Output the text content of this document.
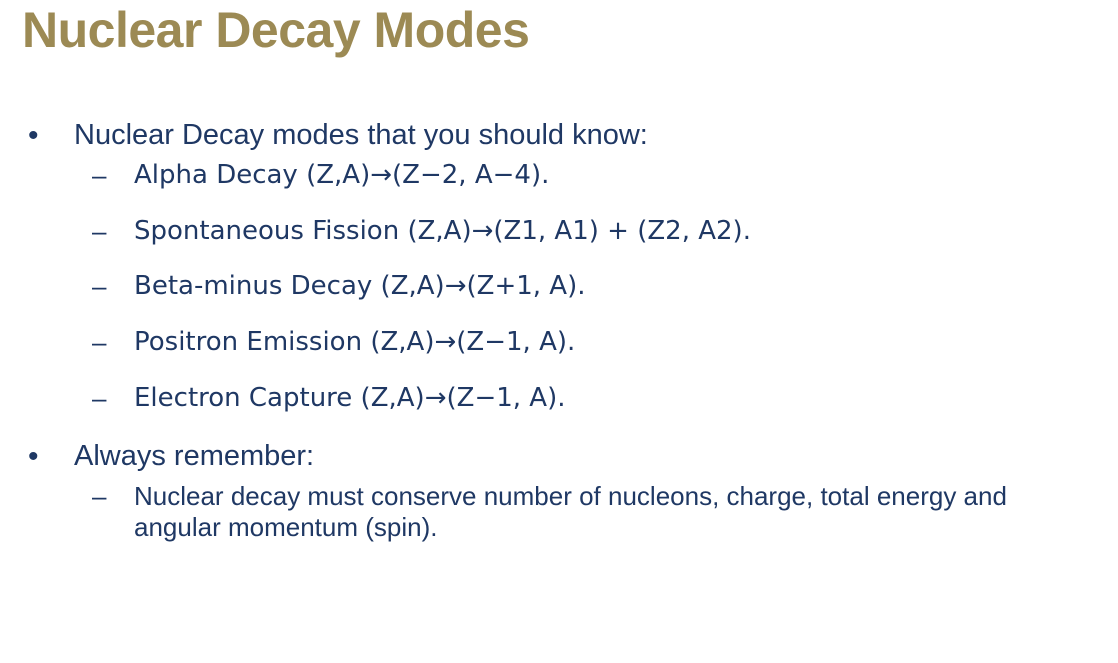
Nuclear Decay Modes
•	Nuclear Decay modes that you should know:
–	Alpha Decay (Z,A)→(Z−2, A−4).
–	Spontaneous Fission (Z,A)→(Z1, A1) + (Z2, A2).
–	Beta-minus Decay (Z,A)→(Z+1, A).
–	Positron Emission (Z,A)→(Z−1, A).
–	Electron Capture (Z,A)→(Z−1, A).
•	Always remember:
–	Nuclear decay must conserve number of nucleons, charge, total energy and angular momentum (spin).
